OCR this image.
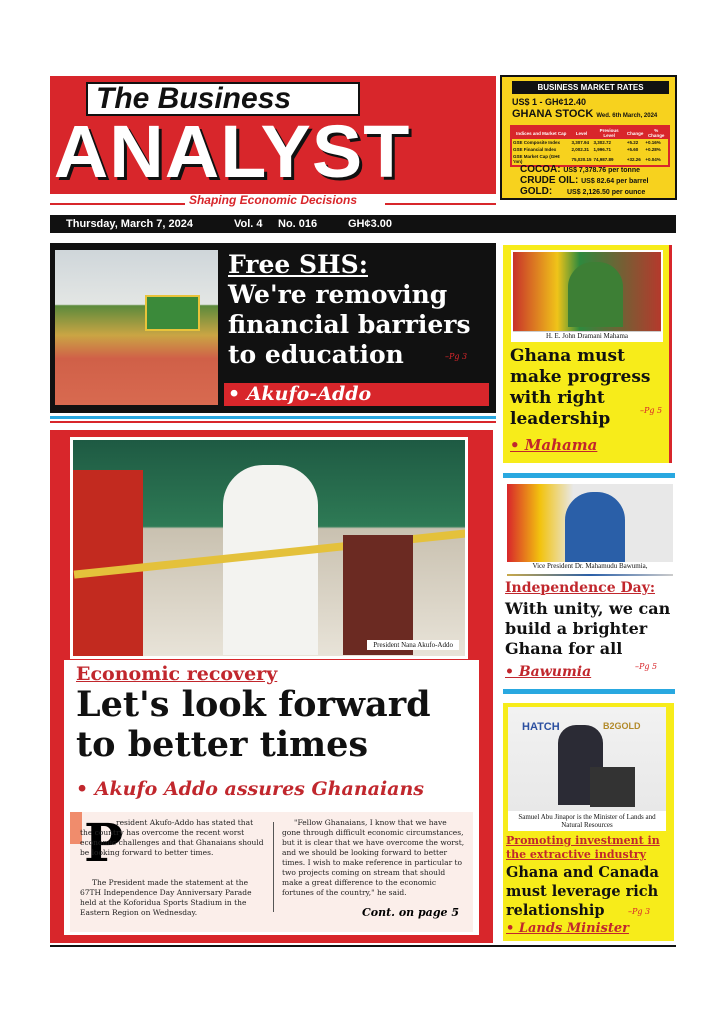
The Business
ANALYST
Shaping Economic Decisions
Thursday, March 7, 2024	Vol. 4 No. 016	GH¢3.00
BUSINESS MARKET RATES
US$ 1 - GH¢12.40
GHANA STOCK Wed. 6th March, 2024
Indices and Market Cap	Level	Previous Level	Change	% Change
GSE Composite Index	3,307.94	3,302.72	+5.22	+0.16%
GSE Financial Index	2,002.31	1,996.71	+5.60	+0.28%
GSE Market Cap (GH¢ 'mn)	75,020.15	74,987.89	+32.26	+0.04%
COCOA: US$ 7,378.76 per tonne
CRUDE OIL: US$ 82.64 per barrel
GOLD: US$ 2,126.50 per ounce
Free SHS:
We're removing financial barriers to education	–Pg 3
• Akufo-Addo
President Nana Akufo-Addo
Economic recovery
Let's look forward to better times
• Akufo Addo assures Ghanaians
P
resident Akufo-Addo has stated that the country has overcome the recent worst economic challenges and that Ghanaians should be looking forward to better times.
The President made the statement at the 67TH Independence Day Anniversary Parade held at the Koforidua Sports Stadium in the Eastern Region on Wednesday.
"Fellow Ghanaians, I know that we have gone through difficult economic circumstances, but it is clear that we have overcome the worst, and we should be looking forward to better times. I wish to make reference in particular to two projects coming on stream that should make a great difference to the economic fortunes of the country," he said.
Cont. on page 5
H. E. John Dramani Mahama
Ghana must make progress with right leadership	–Pg 5
• Mahama
Vice President Dr. Mahamudu Bawumia,
Independence Day:
With unity, we can build a brighter Ghana for all
–Pg 5
• Bawumia
HATCH	B2GOLD
Samuel Abu Jinapor is the Minister of Lands and Natural Resources
Promoting investment in the extractive industry
Ghana and Canada must leverage rich relationship	–Pg 3
• Lands Minister
